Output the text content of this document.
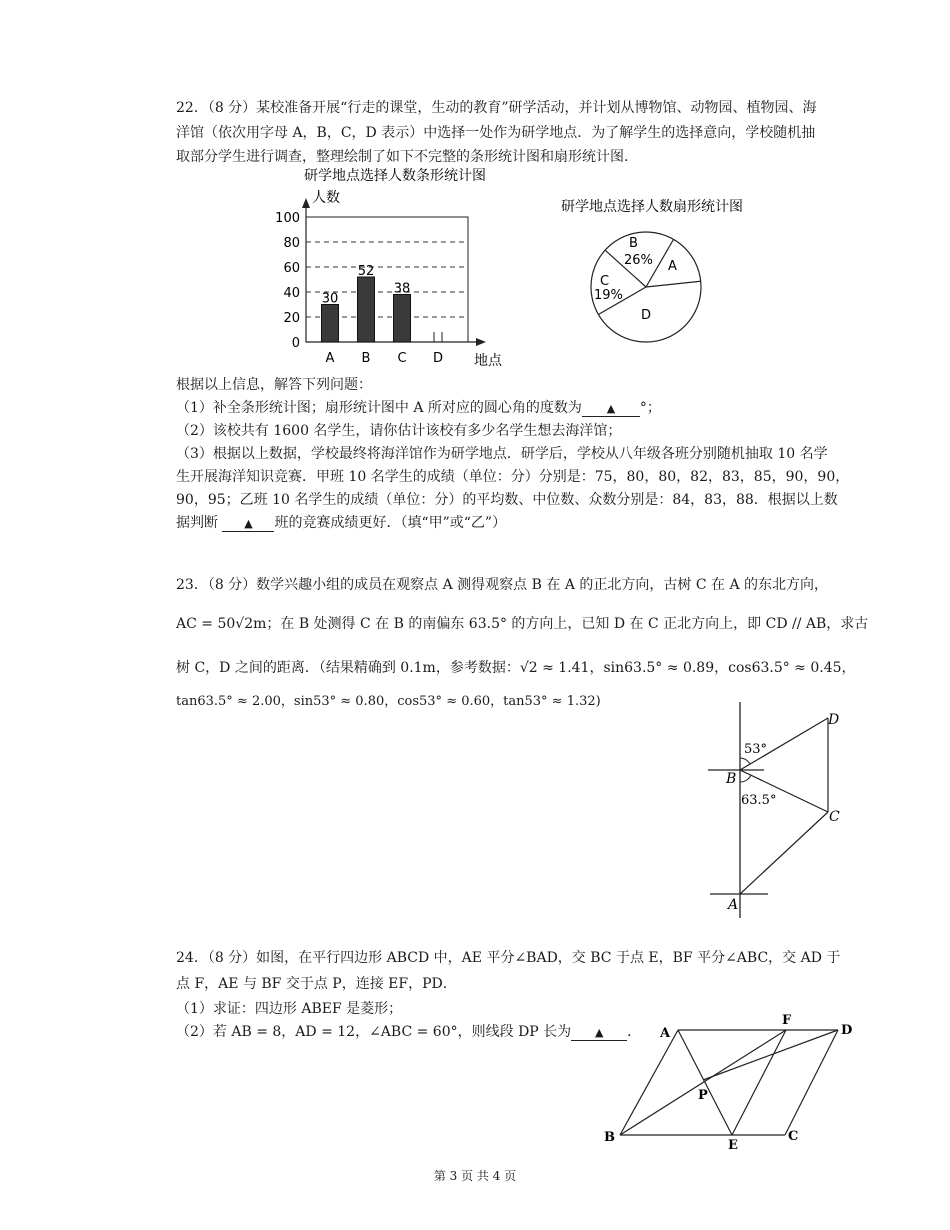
22．（8 分）某校准备开展“行走的课堂，生动的教育”研学活动，并计划从博物馆、动物园、植物园、海
洋馆（依次用字母 A，B，C，D 表示）中选择一处作为研学地点．为了解学生的选择意向，学校随机抽
取部分学生进行调查，整理绘制了如下不完整的条形统计图和扇形统计图．
研学地点选择人数条形统计图
人数
地点
0
20
40
60
80
100
30
52
38
A B C D
研学地点选择人数扇形统计图
B
26%
C
19%
A
D
根据以上信息，解答下列问题：
（1）补全条形统计图；扇形统计图中 A 所对应的圆心角的度数为 ▲ °；
（2）该校共有 1600 名学生，请你估计该校有多少名学生想去海洋馆；
（3）根据以上数据，学校最终将海洋馆作为研学地点．研学后，学校从八年级各班分别随机抽取 10 名学
生开展海洋知识竞赛．甲班 10 名学生的成绩（单位：分）分别是：75，80，80，82，83，85，90，90，
90，95；乙班 10 名学生的成绩（单位：分）的平均数、中位数、众数分别是：84，83，88．根据以上数
据判断 ▲ 班的竞赛成绩更好．（填“甲”或“乙”）
23．（8 分）数学兴趣小组的成员在观察点 A 测得观察点 B 在 A 的正北方向，古树 C 在 A 的东北方向，
AC = 50√2m；在 B 处测得 C 在 B 的南偏东 63.5° 的方向上，已知 D 在 C 正北方向上，即 CD // AB，求古
树 C，D 之间的距离．（结果精确到 0.1m，参考数据：√2 ≈ 1.41，sin63.5° ≈ 0.89，cos63.5° ≈ 0.45，
tan63.5° ≈ 2.00，sin53° ≈ 0.80，cos53° ≈ 0.60，tan53° ≈ 1.32)
53°
63.5°
B
D
C
A
24．（8 分）如图，在平行四边形 ABCD 中，AE 平分∠BAD，交 BC 于点 E，BF 平分∠ABC，交 AD 于
点 F，AE 与 BF 交于点 P，连接 EF，PD．
（1）求证：四边形 ABEF 是菱形；
（2）若 AB = 8，AD = 12，∠ABC = 60°，则线段 DP 长为 ▲ ． A
F
D
P
B
E
C
第 3 页 共 4 页
